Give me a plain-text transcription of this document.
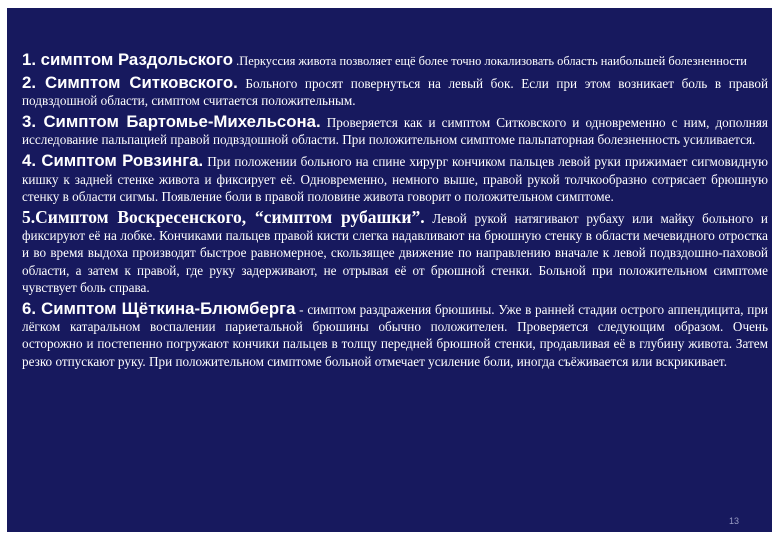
1. симптом Раздольского .Перкуссия живота позволяет ещё более точно локализовать область наибольшей болезненности

2. Симптом Ситковского. Больного просят повернуться на левый бок. Если при этом возникает боль в правой подвздошной области, симптом считается положительным.

3. Симптом Бартомье-Михельсона. Проверяется как и симптом Ситковского и одновременно с ним, дополняя исследование пальпацией правой подвздошной области. При положительном симптоме пальпаторная болезненность усиливается.

4. Симптом Ровзинга. При положении больного на спине хирург кончиком пальцев левой руки прижимает сигмовидную кишку к задней стенке живота и фиксирует её. Одновременно, немного выше, правой рукой толчкообразно сотрясает брюшную стенку в области сигмы. Появление боли в правой половине живота говорит о положительном симптоме.

5.Симптом Воскресенского, “симптом рубашки”. Левой рукой натягивают рубаху или майку больного и фиксируют её на лобке. Кончиками пальцев правой кисти слегка надавливают на брюшную стенку в области мечевидного отростка и во время выдоха производят быстрое равномерное, скользящее движение по направлению вначале к левой подвздошно-паховой области, а затем к правой, где руку задерживают, не отрывая её от брюшной стенки. Больной при положительном симптоме чувствует боль справа.

6. Симптом Щёткина-Блюмберга - симптом раздражения брюшины. Уже в ранней стадии острого аппендицита, при лёгком катаральном воспалении париетальной брюшины обычно положителен. Проверяется следующим образом. Очень осторожно и постепенно погружают кончики пальцев в толщу передней брюшной стенки, продавливая её в глубину живота. Затем резко отпускают руку. При положительном симптоме больной отмечает усиление боли, иногда съёживается или вскрикивает.

13
